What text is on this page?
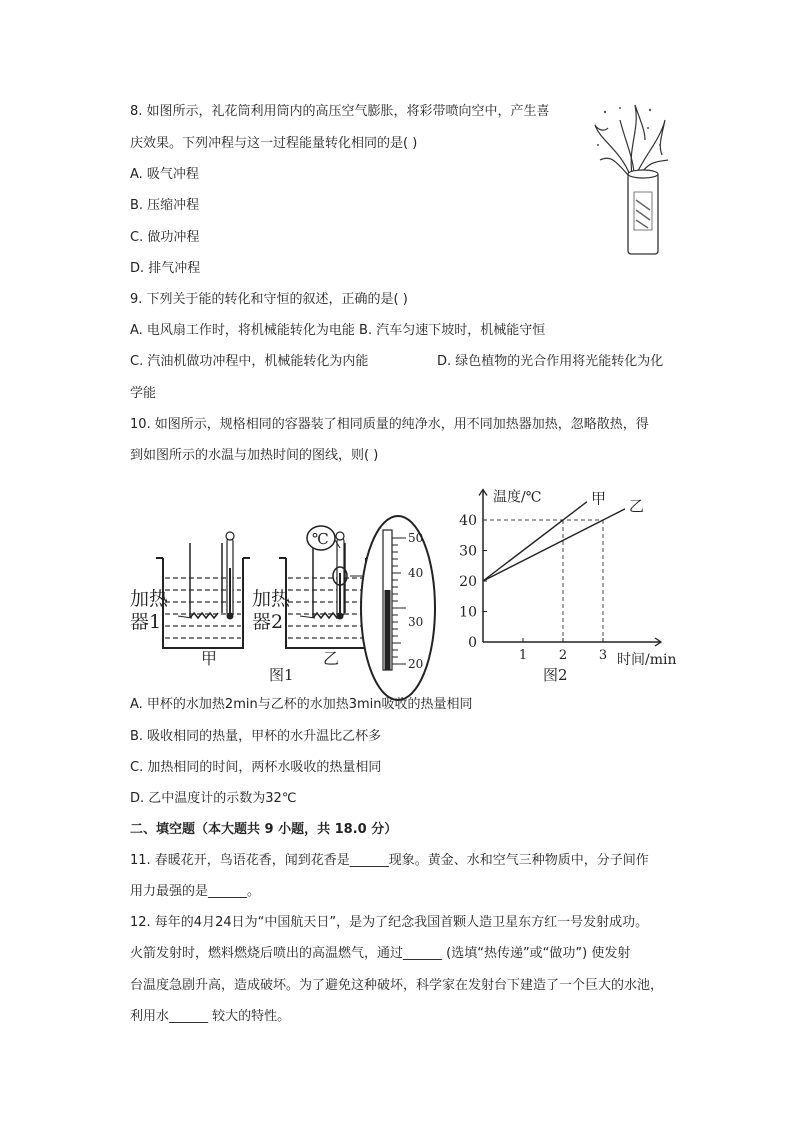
8. 如图所示，礼花筒利用筒内的高压空气膨胀，将彩带喷向空中，产生喜
庆效果。下列冲程与这一过程能量转化相同的是( )
A. 吸气冲程
B. 压缩冲程
C. 做功冲程
D. 排气冲程
9. 下列关于能的转化和守恒的叙述，正确的是( )
A. 电风扇工作时，将机械能转化为电能 B. 汽车匀速下坡时，机械能守恒
C. 汽油机做功冲程中，机械能转化为内能	D. 绿色植物的光合作用将光能转化为化
学能
10. 如图所示，规格相同的容器装了相同质量的纯净水，用不同加热器加热，忽略散热，得
到如图所示的水温与加热时间的图线，则( )
加热
器1
甲
℃
加热
器2
乙
50
40
30
20
图1
甲 乙
0
10
20
30
40
1 2 3
温度/℃
时间/min
图2
A. 甲杯的水加热2min与乙杯的水加热3min吸收的热量相同
B. 吸收相同的热量，甲杯的水升温比乙杯多
C. 加热相同的时间，两杯水吸收的热量相同
D. 乙中温度计的示数为32℃
二、填空题（本大题共 9 小题，共 18.0 分）
11. 春暖花开，鸟语花香，闻到花香是______现象。黄金、水和空气三种物质中，分子间作
用力最强的是______。
12. 每年的4月24日为“中国航天日”，是为了纪念我国首颗人造卫星东方红一号发射成功。
火箭发射时，燃料燃烧后喷出的高温燃气，通过______ (选填“热传递”或“做功”) 使发射
台温度急剧升高，造成破坏。为了避免这种破坏，科学家在发射台下建造了一个巨大的水池，
利用水______ 较大的特性。
